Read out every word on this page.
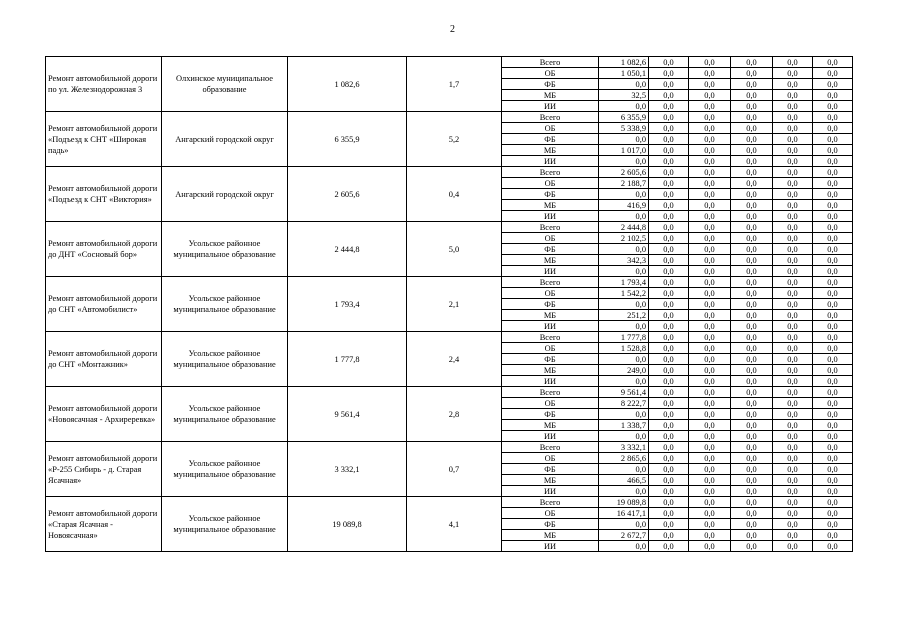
2
Ремонт автомобильной дороги по ул. Железнодорожная 3	Олхинское муниципальное образование	1 082,6	1,7	Всего	1 082,6	0,0	0,0	0,0	0,0	0,0
				ОБ	1 050,1	0,0	0,0	0,0	0,0	0,0
				ФБ	0,0	0,0	0,0	0,0	0,0	0,0
				МБ	32,5	0,0	0,0	0,0	0,0	0,0
				ИИ	0,0	0,0	0,0	0,0	0,0	0,0
Ремонт автомобильной дороги «Подъезд к СНТ «Широкая падь»	Ангарский городской округ	6 355,9	5,2	Всего	6 355,9	0,0	0,0	0,0	0,0	0,0
				ОБ	5 338,9	0,0	0,0	0,0	0,0	0,0
				ФБ	0,0	0,0	0,0	0,0	0,0	0,0
				МБ	1 017,0	0,0	0,0	0,0	0,0	0,0
				ИИ	0,0	0,0	0,0	0,0	0,0	0,0
Ремонт автомобильной дороги «Подъезд к СНТ «Виктория»	Ангарский городской округ	2 605,6	0,4	Всего	2 605,6	0,0	0,0	0,0	0,0	0,0
				ОБ	2 188,7	0,0	0,0	0,0	0,0	0,0
				ФБ	0,0	0,0	0,0	0,0	0,0	0,0
				МБ	416,9	0,0	0,0	0,0	0,0	0,0
				ИИ	0,0	0,0	0,0	0,0	0,0	0,0
Ремонт автомобильной дороги до ДНТ «Сосновый бор»	Усольское районное муниципальное образование	2 444,8	5,0	Всего	2 444,8	0,0	0,0	0,0	0,0	0,0
				ОБ	2 102,5	0,0	0,0	0,0	0,0	0,0
				ФБ	0,0	0,0	0,0	0,0	0,0	0,0
				МБ	342,3	0,0	0,0	0,0	0,0	0,0
				ИИ	0,0	0,0	0,0	0,0	0,0	0,0
Ремонт автомобильной дороги до СНТ «Автомобилист»	Усольское районное муниципальное образование	1 793,4	2,1	Всего	1 793,4	0,0	0,0	0,0	0,0	0,0
				ОБ	1 542,2	0,0	0,0	0,0	0,0	0,0
				ФБ	0,0	0,0	0,0	0,0	0,0	0,0
				МБ	251,2	0,0	0,0	0,0	0,0	0,0
				ИИ	0,0	0,0	0,0	0,0	0,0	0,0
Ремонт автомобильной дороги до СНТ «Монтажник»	Усольское районное муниципальное образование	1 777,8	2,4	Всего	1 777,8	0,0	0,0	0,0	0,0	0,0
				ОБ	1 528,8	0,0	0,0	0,0	0,0	0,0
				ФБ	0,0	0,0	0,0	0,0	0,0	0,0
				МБ	249,0	0,0	0,0	0,0	0,0	0,0
				ИИ	0,0	0,0	0,0	0,0	0,0	0,0
Ремонт автомобильной дороги «Новоясачная - Архиреревка»	Усольское районное муниципальное образование	9 561,4	2,8	Всего	9 561,4	0,0	0,0	0,0	0,0	0,0
				ОБ	8 222,7	0,0	0,0	0,0	0,0	0,0
				ФБ	0,0	0,0	0,0	0,0	0,0	0,0
				МБ	1 338,7	0,0	0,0	0,0	0,0	0,0
				ИИ	0,0	0,0	0,0	0,0	0,0	0,0
Ремонт автомобильной дороги «Р-255 Сибирь - д. Старая Ясачная»	Усольское районное муниципальное образование	3 332,1	0,7	Всего	3 332,1	0,0	0,0	0,0	0,0	0,0
				ОБ	2 865,6	0,0	0,0	0,0	0,0	0,0
				ФБ	0,0	0,0	0,0	0,0	0,0	0,0
				МБ	466,5	0,0	0,0	0,0	0,0	0,0
				ИИ	0,0	0,0	0,0	0,0	0,0	0,0
Ремонт автомобильной дороги «Старая Ясачная - Новоясачная»	Усольское районное муниципальное образование	19 089,8	4,1	Всего	19 089,8	0,0	0,0	0,0	0,0	0,0
				ОБ	16 417,1	0,0	0,0	0,0	0,0	0,0
				ФБ	0,0	0,0	0,0	0,0	0,0	0,0
				МБ	2 672,7	0,0	0,0	0,0	0,0	0,0
				ИИ	0,0	0,0	0,0	0,0	0,0	0,0
